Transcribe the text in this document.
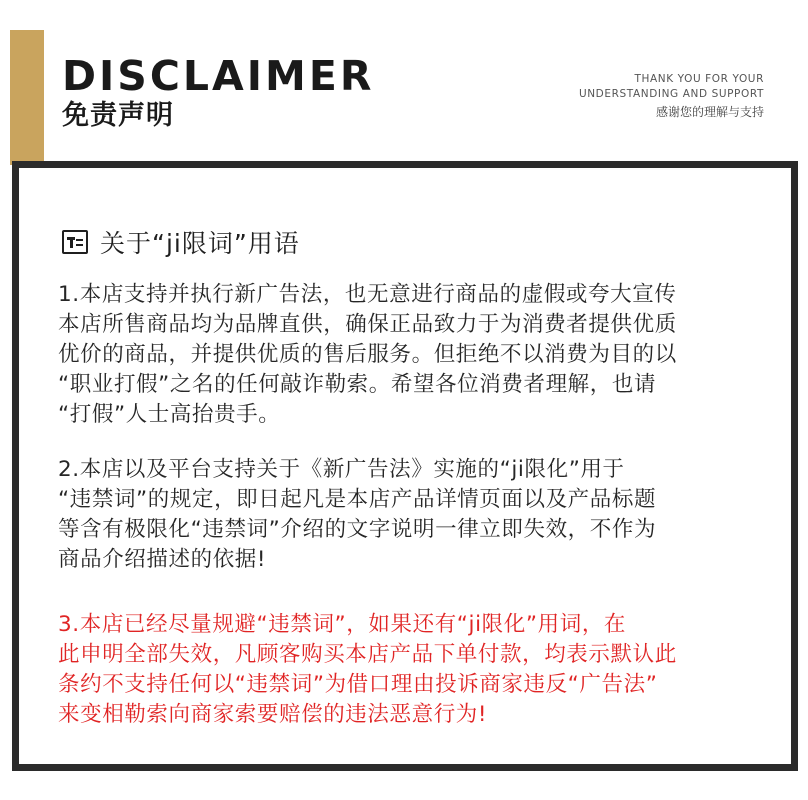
DISCLAIMER
免责声明
THANK YOU FOR YOUR
UNDERSTANDING AND SUPPORT
感谢您的理解与支持
关于“ji限词”用语

1.本店支持并执行新广告法，也无意进行商品的虚假或夸大宣传
本店所售商品均为品牌直供，确保正品致力于为消费者提供优质
优价的商品，并提供优质的售后服务。但拒绝不以消费为目的以
“职业打假”之名的任何敲诈勒索。希望各位消费者理解，也请
“打假”人士高抬贵手。

2.本店以及平台支持关于《新广告法》实施的“ji限化”用于
“违禁词”的规定，即日起凡是本店产品详情页面以及产品标题
等含有极限化“违禁词”介绍的文字说明一律立即失效，不作为
商品介绍描述的依据!

3.本店已经尽量规避“违禁词”，如果还有“ji限化”用词，在
此申明全部失效，凡顾客购买本店产品下单付款，均表示默认此
条约不支持任何以“违禁词”为借口理由投诉商家违反“广告法”
来变相勒索向商家索要赔偿的违法恶意行为!
